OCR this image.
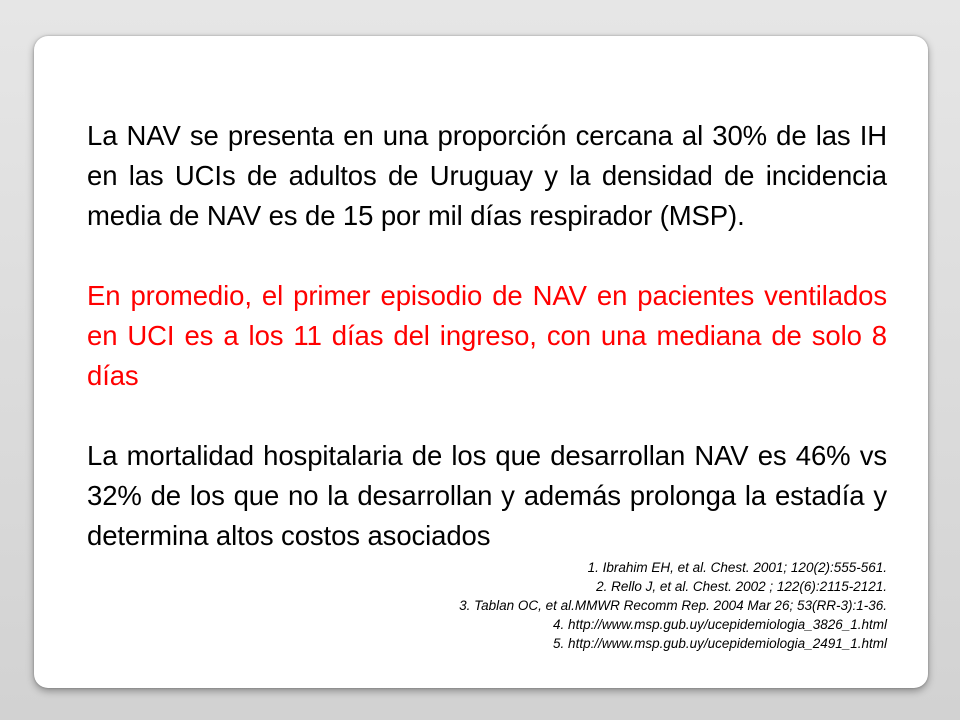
La NAV se presenta en una proporción cercana al 30% de las IH en las UCIs de adultos de Uruguay y la densidad de incidencia media de NAV es de 15 por mil días respirador (MSP).

En promedio, el primer episodio de NAV en pacientes ventilados en UCI es a los 11 días del ingreso, con una mediana de solo 8 días

La mortalidad hospitalaria de los que desarrollan NAV es 46% vs 32% de los que no la desarrollan y además prolonga la estadía y determina altos costos asociados

1. Ibrahim EH, et al. Chest. 2001; 120(2):555-561.
2. Rello J, et al. Chest. 2002 ; 122(6):2115-2121.
3. Tablan OC, et al.MMWR Recomm Rep. 2004 Mar 26; 53(RR-3):1-36.
4. http://www.msp.gub.uy/ucepidemiologia_3826_1.html
5. http://www.msp.gub.uy/ucepidemiologia_2491_1.html
